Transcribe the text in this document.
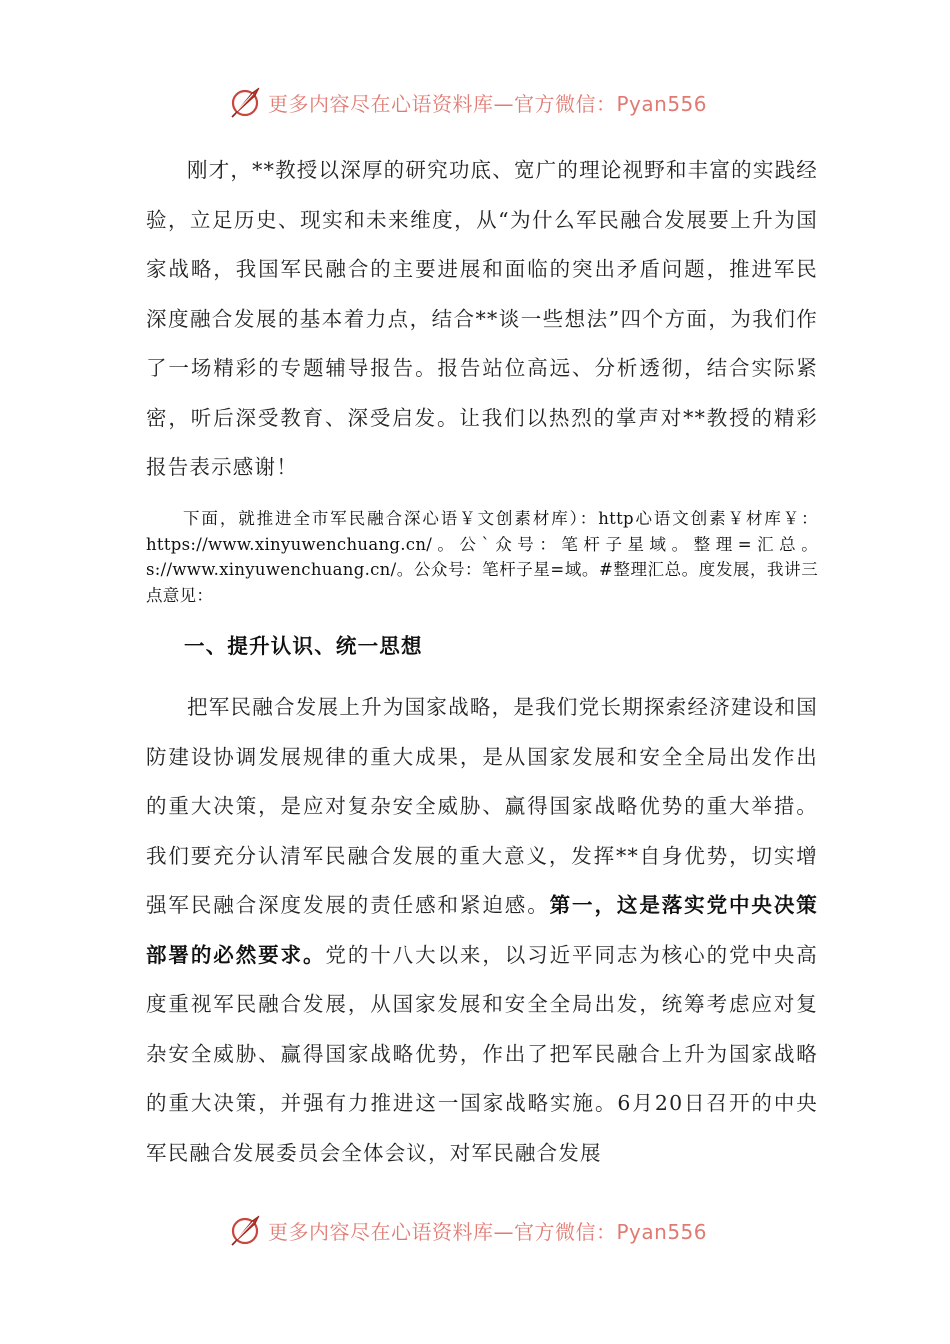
更多内容尽在心语资料库—官方微信：Pyan556

刚才，**教授以深厚的研究功底、宽广的理论视野和丰富的实践经验，立足历史、现实和未来维度，从“为什么军民融合发展要上升为国家战略，我国军民融合的主要进展和面临的突出矛盾问题，推进军民深度融合发展的基本着力点，结合**谈一些想法”四个方面，为我们作了一场精彩的专题辅导报告。报告站位高远、分析透彻，结合实际紧密，听后深受教育、深受启发。让我们以热烈的掌声对**教授的精彩报告表示感谢！

下面，就推进全市军民融合深心语￥文创素材库）：http心语文创素￥材库￥：https://www.xinyuwenchuang.cn/。公`众号：笔杆子星域。整理=汇总。s://www.xinyuwenchuang.cn/。公众号：笔杆子星=域。#整理汇总。度发展，我讲三点意见：

一、提升认识、统一思想

把军民融合发展上升为国家战略，是我们党长期探索经济建设和国防建设协调发展规律的重大成果，是从国家发展和安全全局出发作出的重大决策，是应对复杂安全威胁、赢得国家战略优势的重大举措。我们要充分认清军民融合发展的重大意义，发挥**自身优势，切实增强军民融合深度发展的责任感和紧迫感。第一，这是落实党中央决策部署的必然要求。党的十八大以来，以习近平同志为核心的党中央高度重视军民融合发展，从国家发展和安全全局出发，统筹考虑应对复杂安全威胁、赢得国家战略优势，作出了把军民融合上升为国家战略的重大决策，并强有力推进这一国家战略实施。6月20日召开的中央军民融合发展委员会全体会议，对军民融合发展

更多内容尽在心语资料库—官方微信：Pyan556
